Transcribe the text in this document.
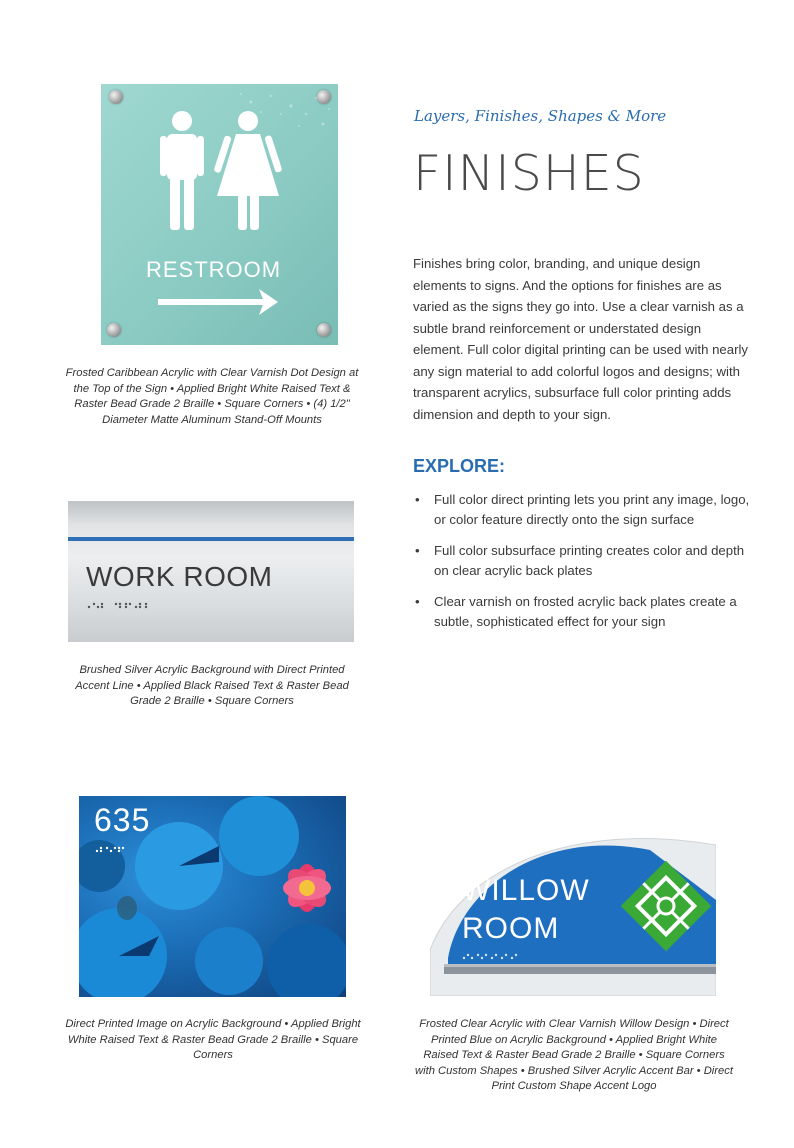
Layers, Finishes, Shapes & More
FINISHES
Finishes bring color, branding, and unique design elements to signs. And the options for finishes are as varied as the signs they go into. Use a clear varnish as a subtle brand reinforcement or understated design element. Full color digital printing can be used with nearly any sign material to add colorful logos and designs; with transparent acrylics, subsurface full color printing adds dimension and depth to your sign.
EXPLORE:
• Full color direct printing lets you print any image, logo, or color feature directly onto the sign surface
• Full color subsurface printing creates color and depth on clear acrylic back plates
• Clear varnish on frosted acrylic back plates create a subtle, sophisticated effect for your sign
RESTROOM
Frosted Caribbean Acrylic with Clear Varnish Dot Design at the Top of the Sign • Applied Bright White Raised Text & Raster Bead Grade 2 Braille • Square Corners • (4) 1/2" Diameter Matte Aluminum Stand-Off Mounts
WORK ROOM
Brushed Silver Acrylic Background with Direct Printed Accent Line • Applied Black Raised Text & Raster Bead Grade 2 Braille • Square Corners
635
Direct Printed Image on Acrylic Background • Applied Bright White Raised Text & Raster Bead Grade 2 Braille • Square Corners
WILLOW
ROOM
Frosted Clear Acrylic with Clear Varnish Willow Design • Direct Printed Blue on Acrylic Background • Applied Bright White Raised Text & Raster Bead Grade 2 Braille • Square Corners with Custom Shapes • Brushed Silver Acrylic Accent Bar • Direct Print Custom Shape Accent Logo
